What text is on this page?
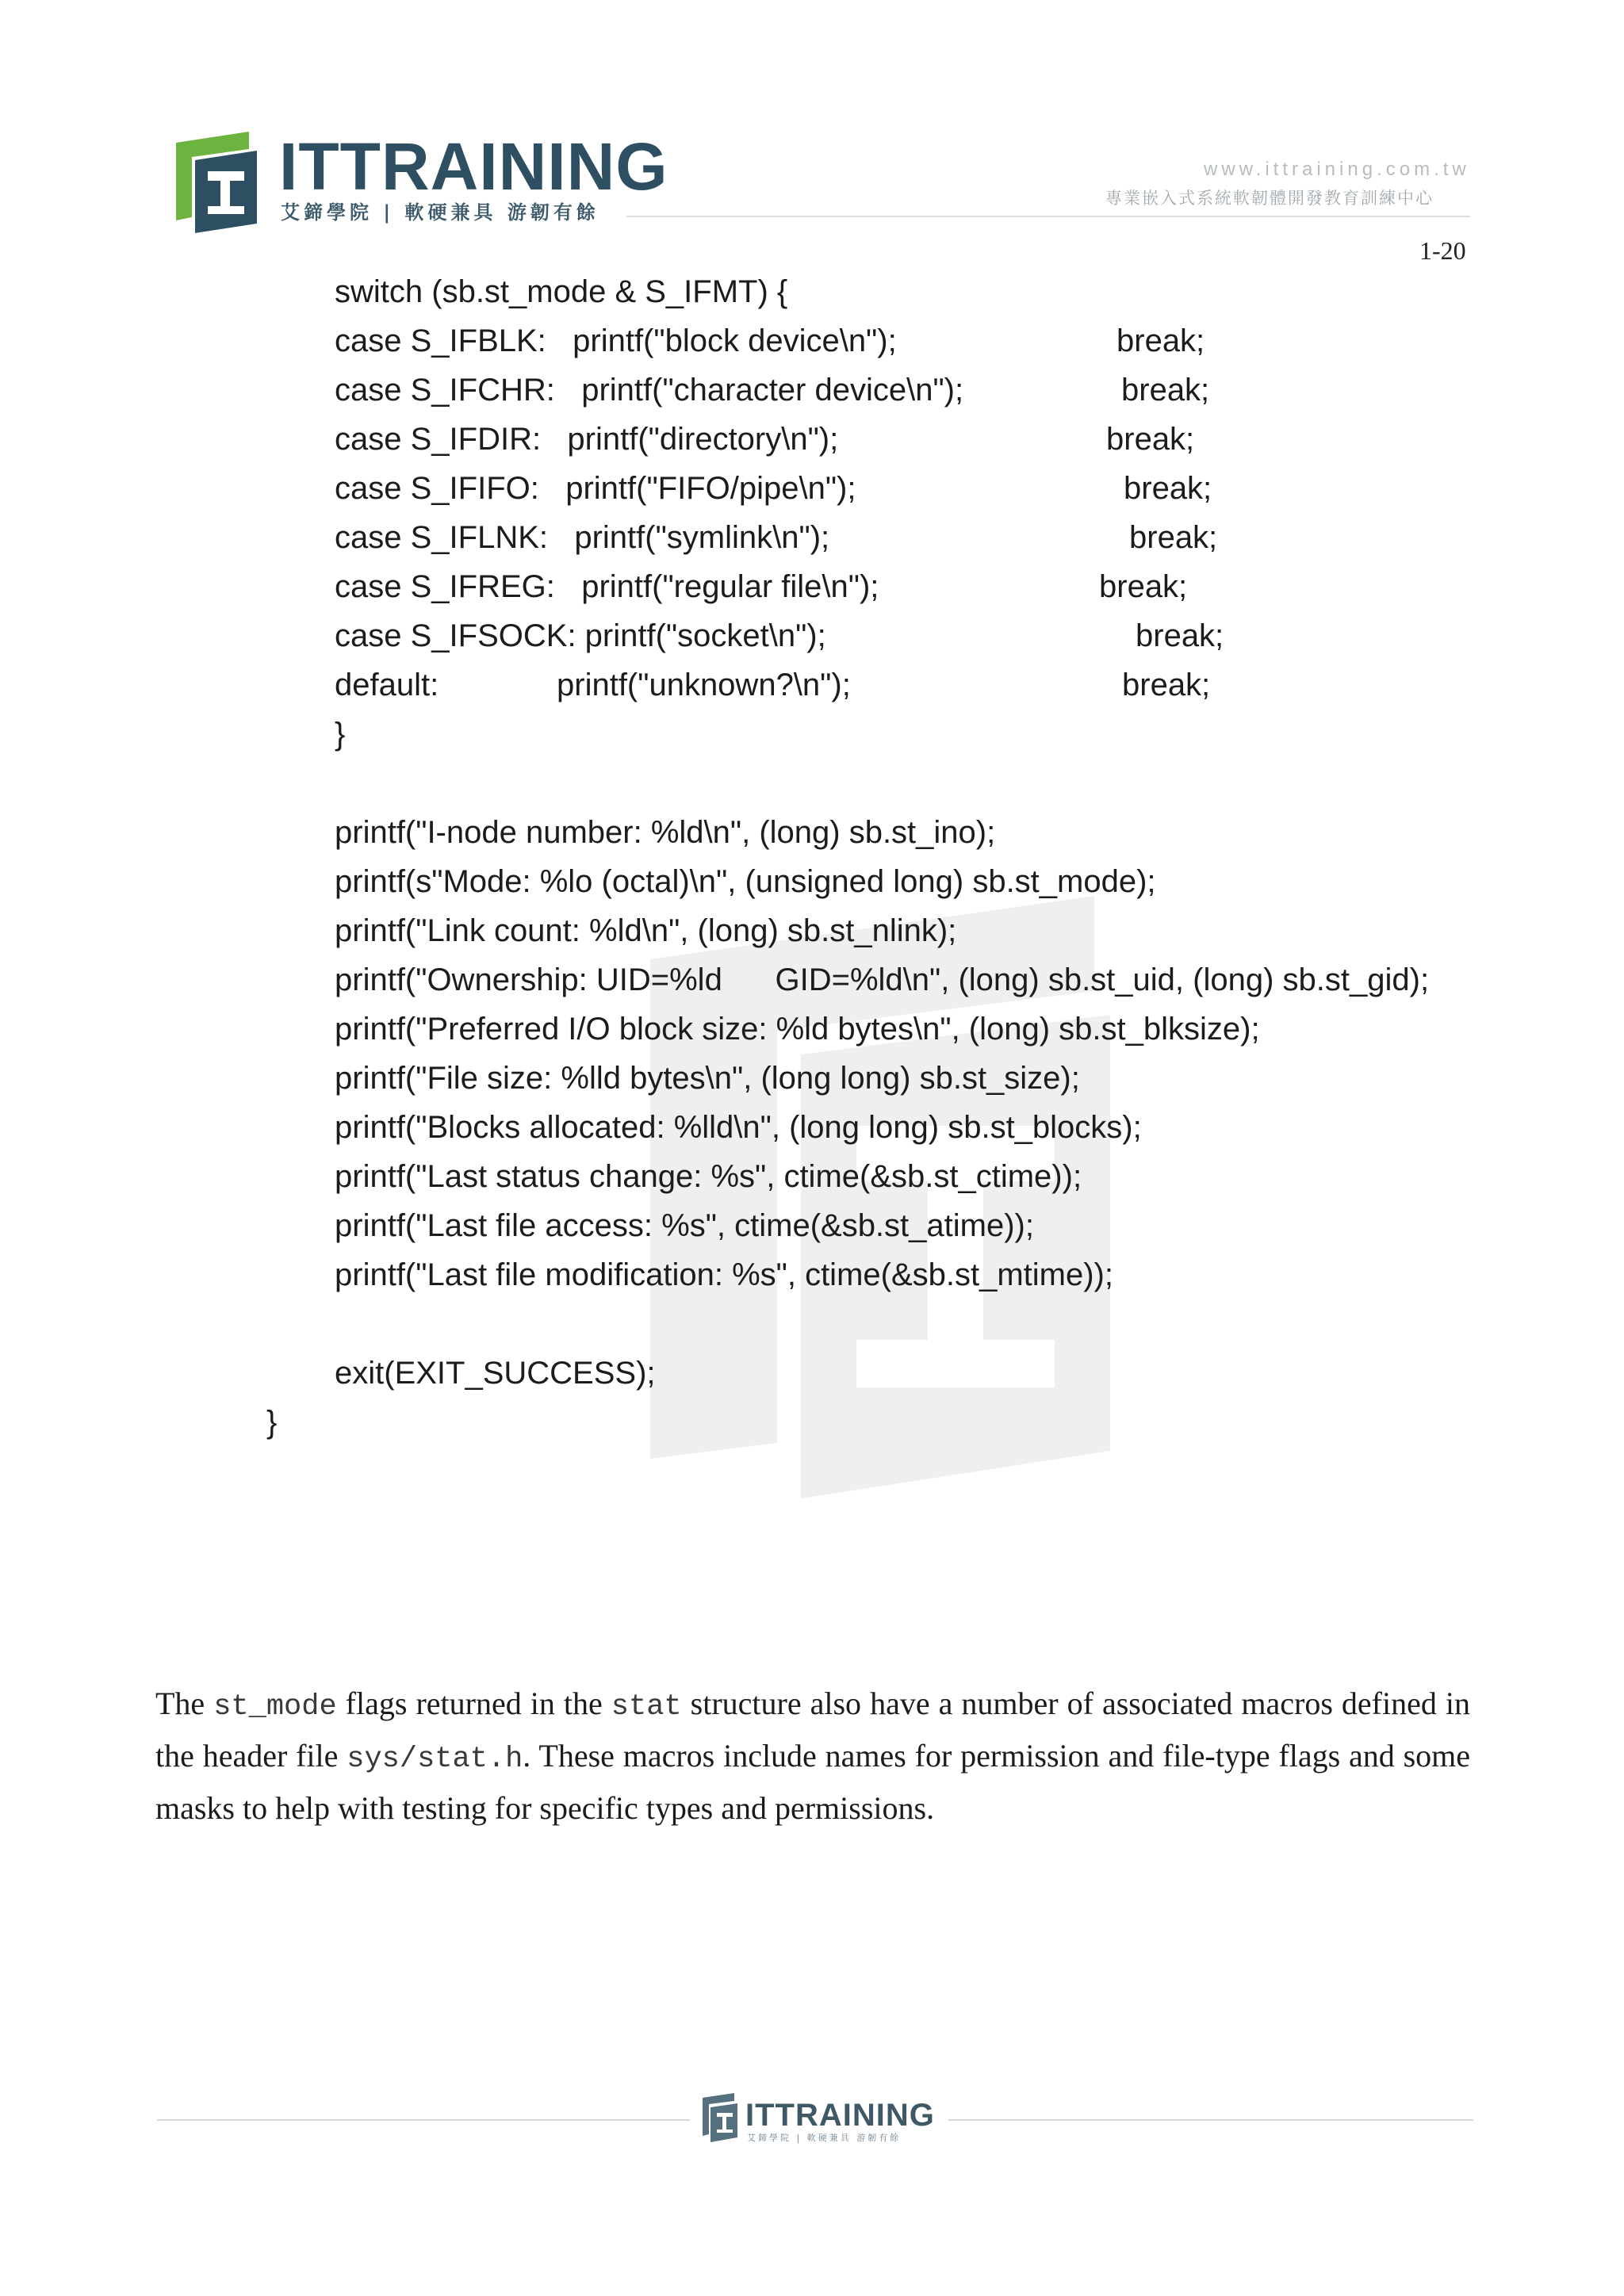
ITTRAINING
艾鍗學院 | 軟硬兼具 游韌有餘
www.ittraining.com.tw
專業嵌入式系統軟韌體開發教育訓練中心
1-20
switch (sb.st_mode & S_IFMT) {
case S_IFBLK:   printf("block device\n");	break;
case S_IFCHR:   printf("character device\n");	break;
case S_IFDIR:   printf("directory\n");	break;
case S_IFIFO:   printf("FIFO/pipe\n");	break;
case S_IFLNK:   printf("symlink\n");	break;
case S_IFREG:   printf("regular file\n");	break;
case S_IFSOCK: printf("socket\n");	break;
default:	printf("unknown?\n");	break;
}
printf("I-node number: %ld\n", (long) sb.st_ino);
printf(s"Mode: %lo (octal)\n", (unsigned long) sb.st_mode);
printf("Link count: %ld\n", (long) sb.st_nlink);
printf("Ownership: UID=%ld      GID=%ld\n", (long) sb.st_uid, (long) sb.st_gid);
printf("Preferred I/O block size: %ld bytes\n", (long) sb.st_blksize);
printf("File size: %lld bytes\n", (long long) sb.st_size);
printf("Blocks allocated: %lld\n", (long long) sb.st_blocks);
printf("Last status change: %s", ctime(&sb.st_ctime));
printf("Last file access: %s", ctime(&sb.st_atime));
printf("Last file modification: %s", ctime(&sb.st_mtime));
exit(EXIT_SUCCESS);
}

The st_mode flags returned in the stat structure also have a number of associated macros defined in the header file sys/stat.h. These macros include names for permission and file-type flags and some masks to help with testing for specific types and permissions.

ITTRAINING
艾鍗學院 | 軟硬兼具 游韌有餘
